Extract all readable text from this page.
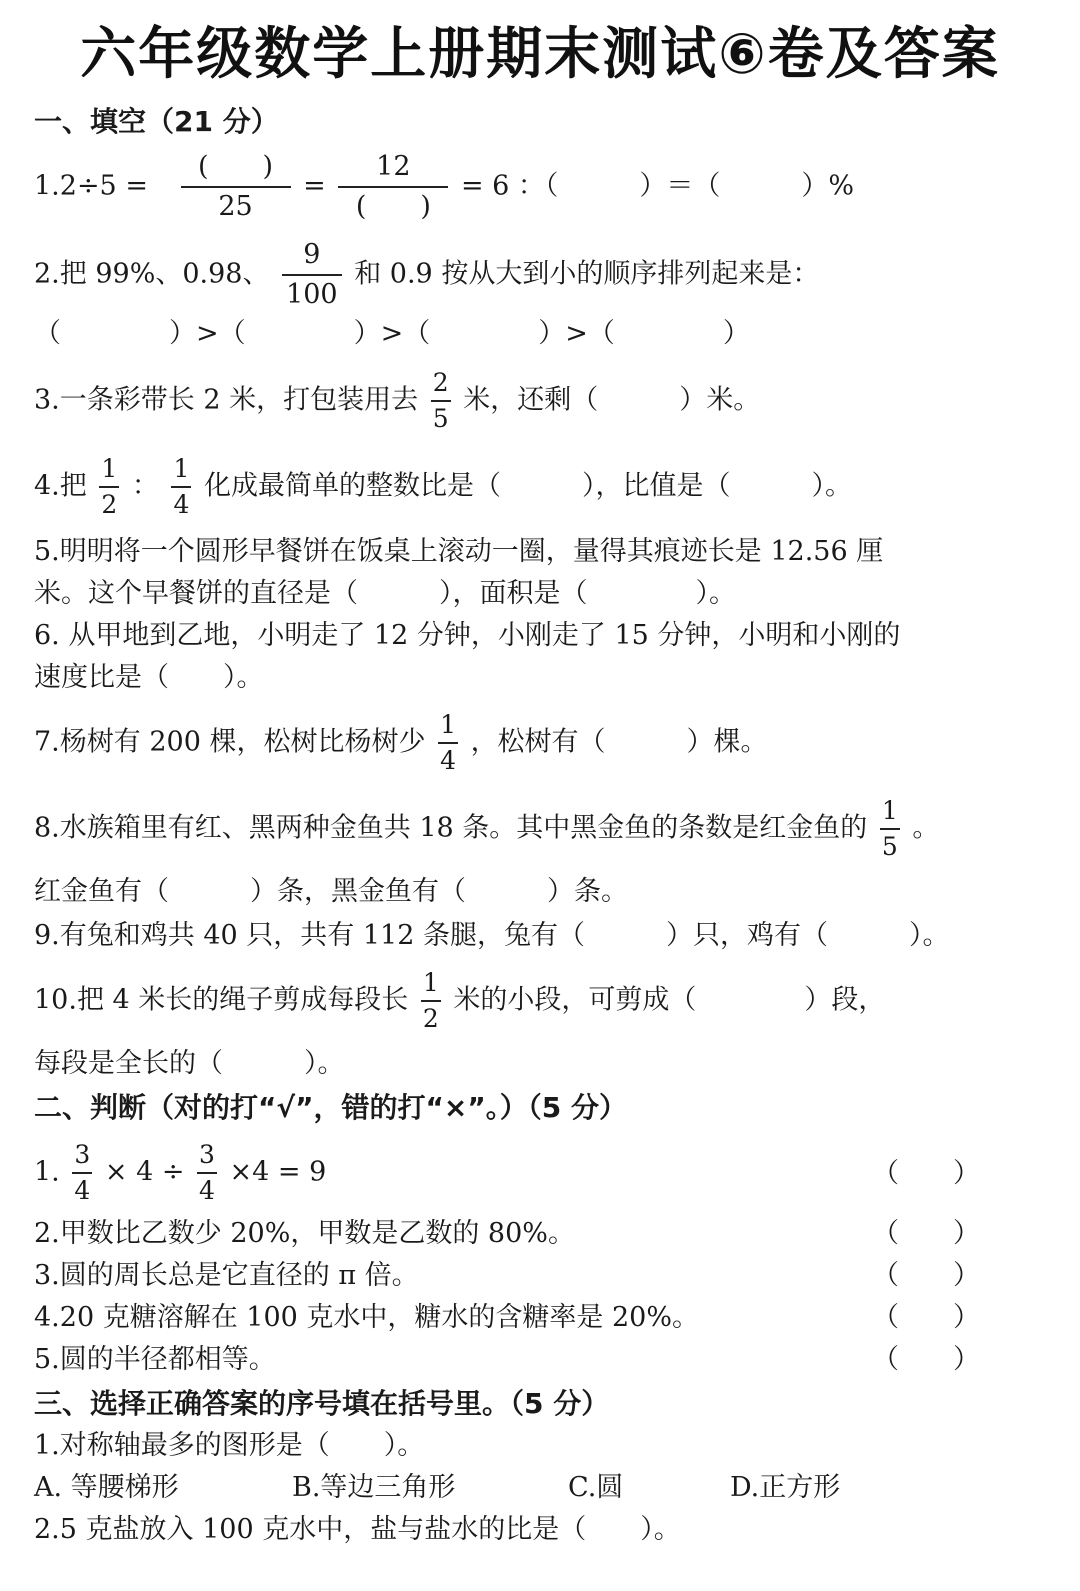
六年级数学上册期末测试⑥卷及答案
一、填空（21 分）
$1.2\div 5 = \frac{( )}{25} = \frac{12}{( )} = 6$ ：（　　　）＝（　　　）%
2.把 99%、0.98、 $\frac{9}{100}$ 和 0.9 按从大到小的顺序排列起来是：
（　　　　）>（　　　　）>（　　　　）>（　　　　）
3.一条彩带长 2 米，打包装用去 $\frac{2}{5}$ 米，还剩（　　　）米。
4.把 $\frac{1}{2}$ ： $\frac{1}{4}$ 化成最简单的整数比是（　　　），比值是（　　　）。
5.明明将一个圆形早餐饼在饭桌上滚动一圈，量得其痕迹长是 12.56 厘
米。这个早餐饼的直径是（　　　），面积是（　　　　）。
6. 从甲地到乙地，小明走了 12 分钟，小刚走了 15 分钟，小明和小刚的
速度比是（　　）。
7.杨树有 200 棵，松树比杨树少 $\frac{1}{4}$ ，松树有（　　　）棵。
8.水族箱里有红、黑两种金鱼共 18 条。其中黑金鱼的条数是红金鱼的 $\frac{1}{5}$ 。
红金鱼有（　　　）条，黑金鱼有（　　　）条。
9.有兔和鸡共 40 只，共有 112 条腿，兔有（　　　）只，鸡有（　　　）。
10.把 4 米长的绳子剪成每段长 $\frac{1}{2}$ 米的小段，可剪成（　　　　）段，
每段是全长的（　　　）。
二、判断（对的打“√”，错的打“×”。）（5 分）
1. $\frac{3}{4} \times 4 \div \frac{3}{4} \times 4 = 9$	（　　）
2.甲数比乙数少 20%，甲数是乙数的 80%。	（　　）
3.圆的周长总是它直径的 π 倍。	（　　）
4.20 克糖溶解在 100 克水中，糖水的含糖率是 20%。	（　　）
5.圆的半径都相等。	（　　）
三、选择正确答案的序号填在括号里。（5 分）
1.对称轴最多的图形是（　　）。
A. 等腰梯形	B.等边三角形	C.圆	D.正方形
2.5 克盐放入 100 克水中，盐与盐水的比是（　　）。
